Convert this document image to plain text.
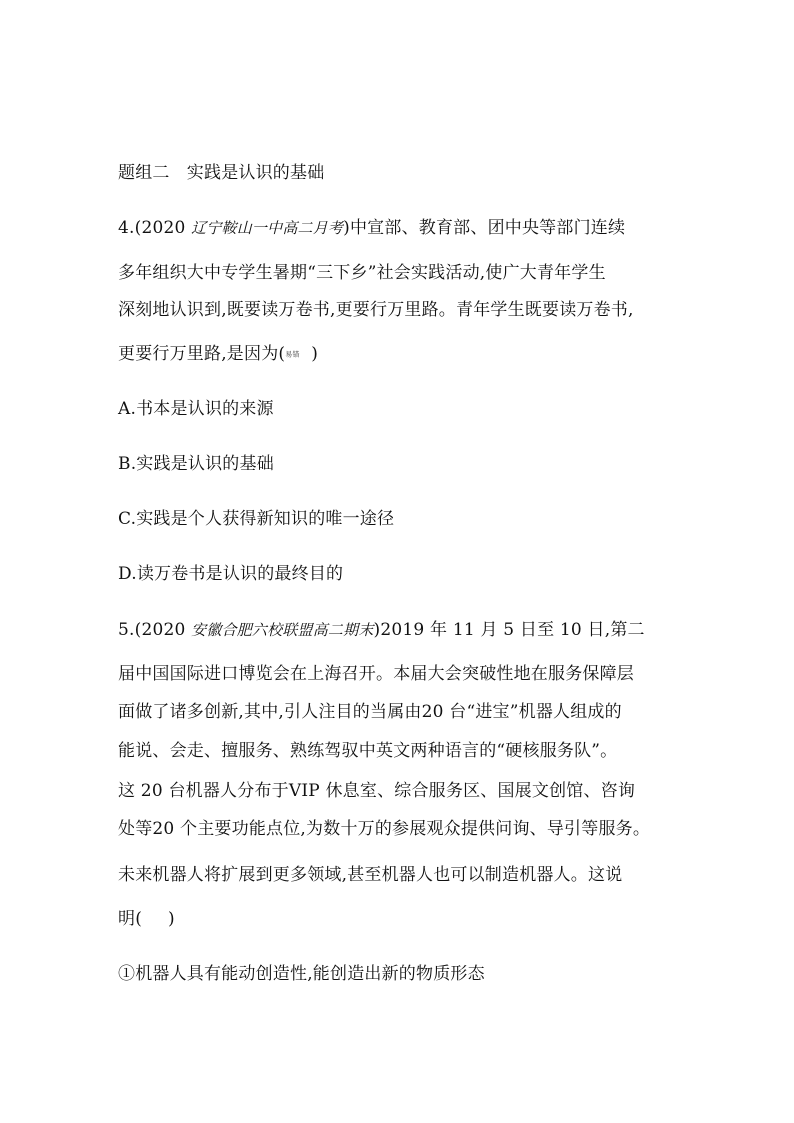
题组二　实践是认识的基础
4.(2020 辽宁鞍山一中高二月考)中宣部、教育部、团中央等部门连续
多年组织大中专学生暑期“三下乡”社会实践活动,使广大青年学生
深刻地认识到,既要读万卷书,更要行万里路。青年学生既要读万卷书,
更要行万里路,是因为(易错 )
A.书本是认识的来源
B.实践是认识的基础
C.实践是个人获得新知识的唯一途径
D.读万卷书是认识的最终目的
5.(2020 安徽合肥六校联盟高二期末)2019 年 11 月 5 日至 10 日,第二
届中国国际进口博览会在上海召开。本届大会突破性地在服务保障层
面做了诸多创新,其中,引人注目的当属由20 台“进宝”机器人组成的
能说、会走、擅服务、熟练驾驭中英文两种语言的“硬核服务队”。
这 20 台机器人分布于VIP 休息室、综合服务区、国展文创馆、咨询
处等20 个主要功能点位,为数十万的参展观众提供问询、导引等服务。
未来机器人将扩展到更多领域,甚至机器人也可以制造机器人。这说
明( )
①机器人具有能动创造性,能创造出新的物质形态
